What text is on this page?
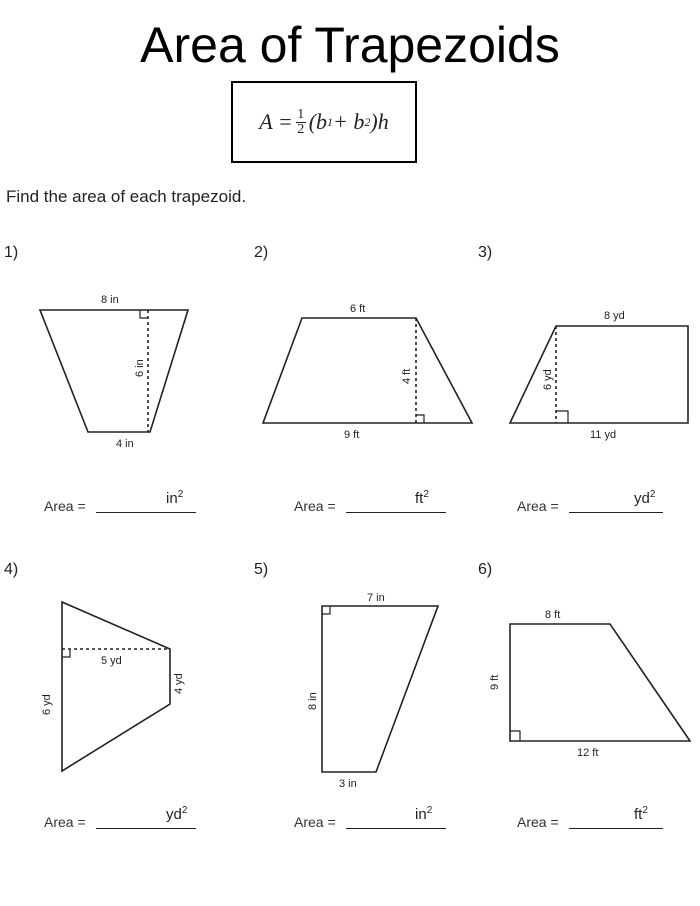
Area of Trapezoids
$A = \frac{1}{2} (b$ 1 + b 2 )h
Find the area of each trapezoid.
1)	2)	3)
4)	5)	6)
8 in
4 in
6 in
6 ft
9 ft
4 ft
8 yd
11 yd
6 yd
6 yd
4 yd
5 yd
7 in
3 in
8 in
8 ft
12 ft
9 ft
Area =	$in^2$
Area =	$ft^2$
Area =	$yd^2$
Area =	$yd^2$
Area =	$in^2$
Area =	$ft^2$
